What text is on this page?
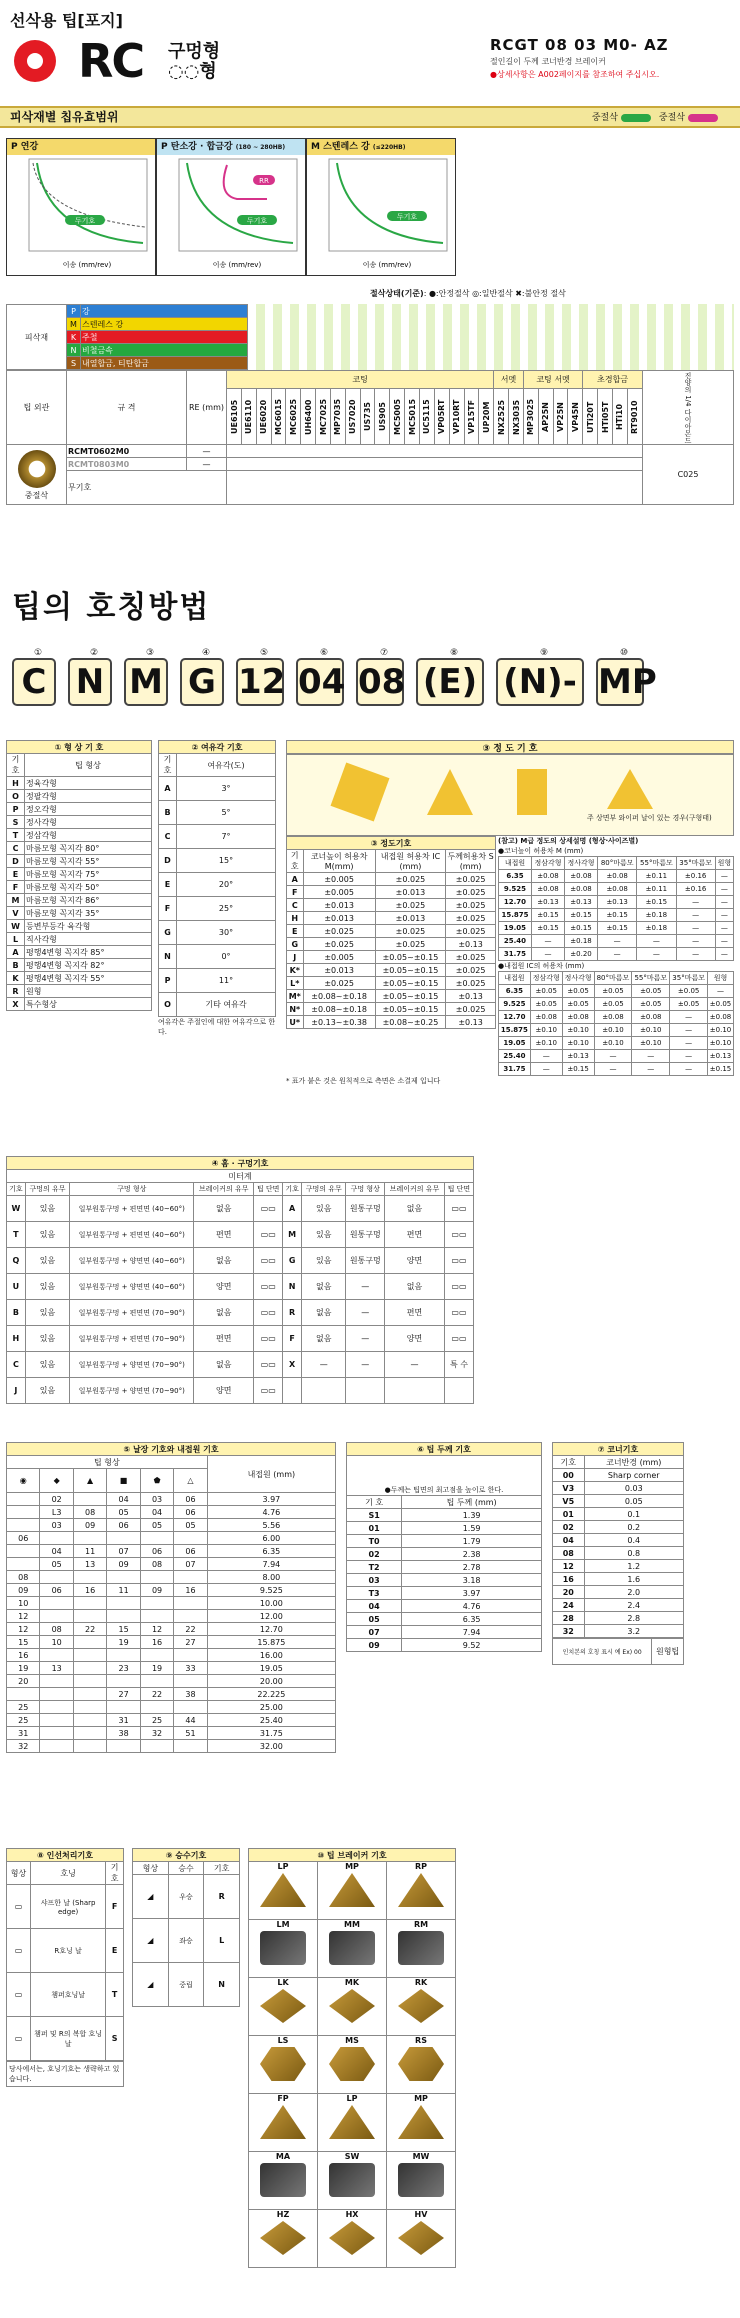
선삭용 팁[포지]
RC 구멍형
◌◌형
RCGT 08 03 M0- AZ
절인길이 두께 코너반경 브레이커
●상세사항은 A002페이지를 참조하여 주십시오.
피삭재별 칩유효범위	중절삭	중절삭
P 연강
두기호
이송 (mm/rev)
P 탄소강 · 합금강 (180 ~ 280HB)
RR
두기호
이송 (mm/rev)
M 스텐레스 강 (≤220HB)
두기호
이송 (mm/rev)
절삭상태(기준): ●:안정절삭 ◎:일반절삭 ✖:불안정 절삭
피삭재	P	강
	M	스텐레스 강
	K	주철
	N	비철금속
	S	내열합금, 티탄합금
팁 외관	규 격	RE (mm)	코팅																		서멧		코팅 서멧				초경합금				진양의 1/4 다이아몬드
			UE6105	UE6110	UE6020	MC6015	MC6025	UH6400	MC7025	MP7035	US7020	US735	US905	MC5005	MC5015	UC5115	VP05RT	VP10RT	VP15TF	UP20M	NX2525	NX3035	MP3025	AP25N	VP25N	VP45N	UTi20T	HTi05T	HTi10	RT9010	

중절삭	RCMT0602M0	—																													C025
	RCMT0803M0	—																													
	무기호																														
팁의 호칭방법
①
C
②
N
③
M
④
G
⑤
12
⑥
04
⑦
08
⑧
(E)
⑨
(N)-
⑩
MP
① 형 상 기 호	
기호	팁 형상
H	정육각형
O	정팔각형
P	정오각형
S	정사각형
T	정삼각형
C	마름모형 꼭지각 80°
D	마름모형 꼭지각 55°
E	마름모형 꼭지각 75°
F	마름모형 꼭지각 50°
M	마름모형 꼭지각 86°
V	마름모형 꼭지각 35°
W	등변부등각 육각형
L	직사각형
A	평행4변형 꼭지각 85°
B	평행4변형 꼭지각 82°
K	평행4변형 꼭지각 55°
R	원형
X	특수형상
② 여유각 기호	
기호	여유각(도)
A	3°
B	5°
C	7°
D	15°
E	20°
F	25°
G	30°
N	0°
P	11°
O	기타 여유각
여유각은 주절인에 대한 여유각으로 한다.
③ 정 도 기 호
주 상면부 와이퍼 날이 있는 경우(구형태)
③ 정도기호			
기호	코너높이 허용차 M(mm)	내접원 허용차 IC (mm)	두께허용차 S (mm)
A	±0.005	±0.025	±0.025
F	±0.005	±0.013	±0.025
C	±0.013	±0.025	±0.025
H	±0.013	±0.013	±0.025
E	±0.025	±0.025	±0.025
G	±0.025	±0.025	±0.13
J	±0.005	±0.05~±0.15	±0.025
K*	±0.013	±0.05~±0.15	±0.025
L*	±0.025	±0.05~±0.15	±0.025
M*	±0.08~±0.18	±0.05~±0.15	±0.13
N*	±0.08~±0.18	±0.05~±0.15	±0.025
U*	±0.13~±0.38	±0.08~±0.25	±0.13
(참고) M급 정도의 상세설명 (형상·사이즈별)
●코너높이 허용차 M (mm)
내접원	정삼각형	정사각형	80°마름모	55°마름모	35°마름모	원형
6.35	±0.08	±0.08	±0.08	±0.11	±0.16	—
9.525	±0.08	±0.08	±0.08	±0.11	±0.16	—
12.70	±0.13	±0.13	±0.13	±0.15	—	—
15.875	±0.15	±0.15	±0.15	±0.18	—	—
19.05	±0.15	±0.15	±0.15	±0.18	—	—
25.40	—	±0.18	—	—	—	—
31.75	—	±0.20	—	—	—	—
●내접원 IC의 허용차 (mm)
내접원	정삼각형	정사각형	80°마름모	55°마름모	35°마름모	원형
6.35	±0.05	±0.05	±0.05	±0.05	±0.05	—
9.525	±0.05	±0.05	±0.05	±0.05	±0.05	±0.05
12.70	±0.08	±0.08	±0.08	±0.08	—	±0.08
15.875	±0.10	±0.10	±0.10	±0.10	—	±0.10
19.05	±0.10	±0.10	±0.10	±0.10	—	±0.10
25.40	—	±0.13	—	—	—	±0.13
31.75	—	±0.15	—	—	—	±0.15
* 표가 붙은 것은 원칙적으로 측면은 소결제 입니다
④ 홈 · 구멍기호									
미터계									
기호	구멍의 유무	구멍 형상	브레이커의 유무	팁 단면	기호	구멍의 유무	구멍 형상	브레이커의 유무	팁 단면
W	있음	일부원통구멍 + 편면면 (40~60°)	없음	▭▭	A	있음	원통구멍	없음	▭▭
T	있음	일부원통구멍 + 편면면 (40~60°)	편면	▭▭	M	있음	원통구멍	편면	▭▭
Q	있음	일부원통구멍 + 양면면 (40~60°)	없음	▭▭	G	있음	원통구멍	양면	▭▭
U	있음	일부원통구멍 + 양면면 (40~60°)	양면	▭▭	N	없음	—	없음	▭▭
B	있음	일부원통구멍 + 편면면 (70~90°)	없음	▭▭	R	없음	—	편면	▭▭
H	있음	일부원통구멍 + 편면면 (70~90°)	편면	▭▭	F	없음	—	양면	▭▭
C	있음	일부원통구멍 + 양면면 (70~90°)	없음	▭▭	X	—	—	—	특 수
J	있음	일부원통구멍 + 양면면 (70~90°)	양면	▭▭					
⑤ 날장 기호와 내접원 기호						
팁 형상						내접원 (mm)
◉	◆	▲	■	⬟	△	
	02		04	03	06	3.97
	L3	08	05	04	06	4.76
	03	09	06	05	05	5.56
06						6.00
	04	11	07	06	06	6.35
	05	13	09	08	07	7.94
08						8.00
09	06	16	11	09	16	9.525
10						10.00
12						12.00
12	08	22	15	12	22	12.70
15	10		19	16	27	15.875
16						16.00
19	13		23	19	33	19.05
20						20.00
			27	22	38	22.225
25						25.00
25			31	25	44	25.40
31			38	32	51	31.75
32						32.00
⑥ 팁 두께 기호	
●두께는 팁면의 최고점을 높이로 한다.	
기 호	팁 두께 (mm)
S1	1.39
01	1.59
T0	1.79
02	2.38
T2	2.78
03	3.18
T3	3.97
04	4.76
05	6.35
07	7.94
09	9.52
⑦ 코너기호	
기호	코너반경 (mm)
00	Sharp corner
V3	0.03
V5	0.05
01	0.1
02	0.2
04	0.4
08	0.8
12	1.2
16	1.6
20	2.0
24	2.4
28	2.8
32	3.2
인치본의 호칭 표시 예 Ex) 00	원형팁
⑧ 인선처리기호		
형상	호닝	기호
▭	샤프한 날 (Sharp edge)	F
▭	R호닝 날	E
▭	챔퍼호닝날	T
▭	챔퍼 및 R의 복합 호닝날	S
당사에서는, 호닝기호는 생략하고 있습니다.
⑨ 승수기호		
형상	승수	기호
◢	우승	R
◢	좌승	L
◢	중립	N
⑩ 팁 브레이커 기호		

LP	MP	RP

LM	MM	RM

LK	MK	RK

LS	MS	RS

FP	LP	MP

MA	SW	MW

HZ	HX	HV
